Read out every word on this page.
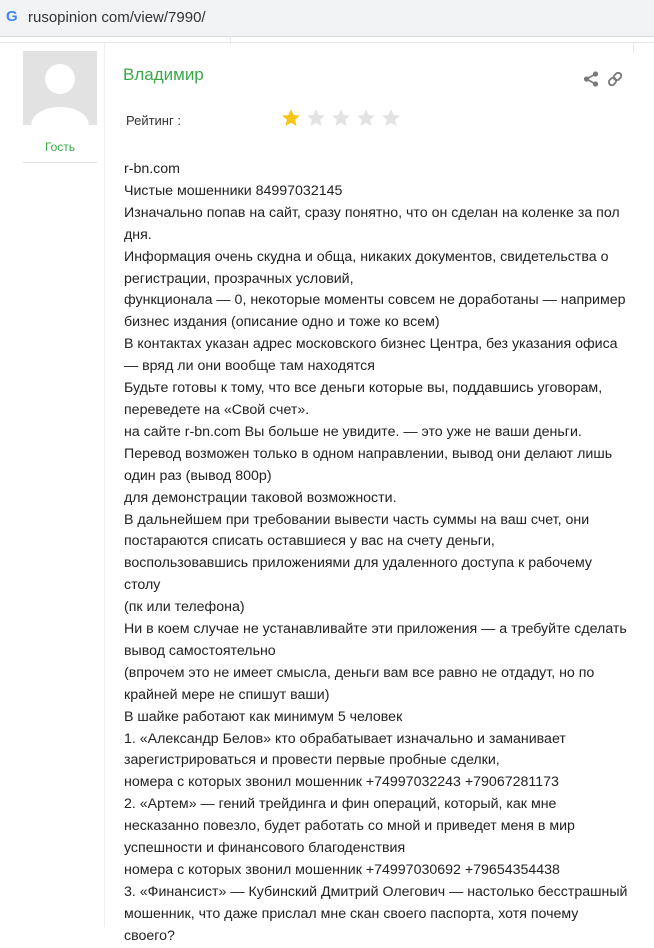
G rusopinion com/view/7990/
Гость
Владимир
Рейтинг :

r-bn.com

Чистые мошенники 84997032145

Изначально попав на сайт, сразу понятно, что он сделан на коленке за пол

дня.

Информация очень скудна и обща, никаких документов, свидетельства о

регистрации, прозрачных условий,

функционала — 0, некоторые моменты совсем не доработаны — например

бизнес издания (описание одно и тоже ко всем)

В контактах указан адрес московского бизнес Центра, без указания офиса

— вряд ли они вообще там находятся

Будьте готовы к тому, что все деньги которые вы, поддавшись уговорам,

переведете на «Свой счет».

на сайте r-bn.com Вы больше не увидите. — это уже не ваши деньги.

Перевод возможен только в одном направлении, вывод они делают лишь

один раз (вывод 800р)

для демонстрации таковой возможности.

В дальнейшем при требовании вывести часть суммы на ваш счет, они

постараются списать оставшиеся у вас на счету деньги,

воспользовавшись приложениями для удаленного доступа к рабочему столу

(пк или телефона)

Ни в коем случае не устанавливайте эти приложения — а требуйте сделать

вывод самостоятельно

(впрочем это не имеет смысла, деньги вам все равно не отдадут, но по

крайней мере не спишут ваши)

В шайке работают как минимум 5 человек

1. «Александр Белов» кто обрабатывает изначально и заманивает

зарегистрироваться и провести первые пробные сделки,

номера с которых звонил мошенник +74997032243 +79067281173

2. «Артем» — гений трейдинга и фин операций, который, как мне

несказанно повезло, будет работать со мной и приведет меня в мир

успешности и финансового благоденствия

номера с которых звонил мошенник +74997030692 +79654354438

3. «Финансист» — Кубинский Дмитрий Олегович — настолько бесстрашный

мошенник, что даже прислал мне скан своего паспорта, хотя почему

своего?
